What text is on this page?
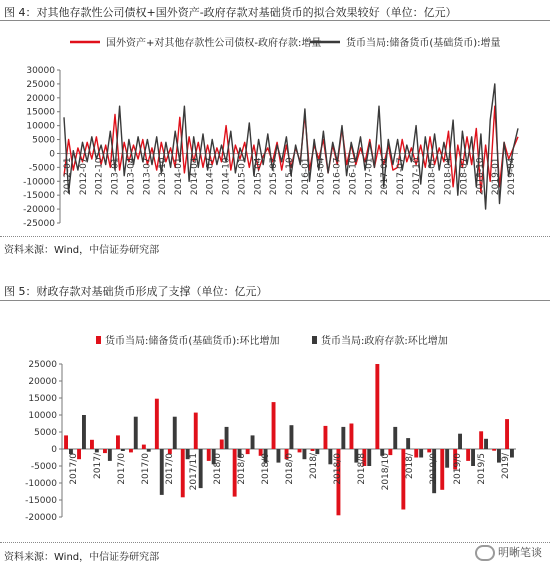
图 4：对其他存款性公司债权+国外资产-政府存款对基础货币的拟合效果较好（单位：亿元）
国外资产+对其他存款性公司债权-政府存款:增量 货币当局:储备货币(基础货币):增量
30000
25000
20000
15000
10000
5000
0
-5000
-10000
-15000
-20000
-25000
2012-01 2012-07 2012-10 2013-01 2013-04 2013-07 2013-10 2014-01 2014-04 2014-07 2014-10 2015-01 2015-04 2015-07 2015-10 2016-01 2016-04 2016-07 2016-10 2017-01 2017-04 2017-07 2017-10 2018-01 2018-04 2018-07 2018-10 2019-01 2019-04
资料来源：Wind，中信证券研究部
图 5：财政存款对基础货币形成了支撑（单位：亿元）
货币当局:储备货币(基础货币):环比增加	货币当局:政府存款:环比增加
25000
20000
15000
10000
5000
0
-5000
-10000
-15000
-20000
2017/0 2017/ 2017/0 2017/0 2017/0 2017/11 2018/0 2018/0 2018/0 2018/0 2018/ 2018/0 2018/8 2018/10 2018/ 2019/0 2019/0 2019/5 2019/
资料来源：Wind，中信证券研究部	明晰笔谈
